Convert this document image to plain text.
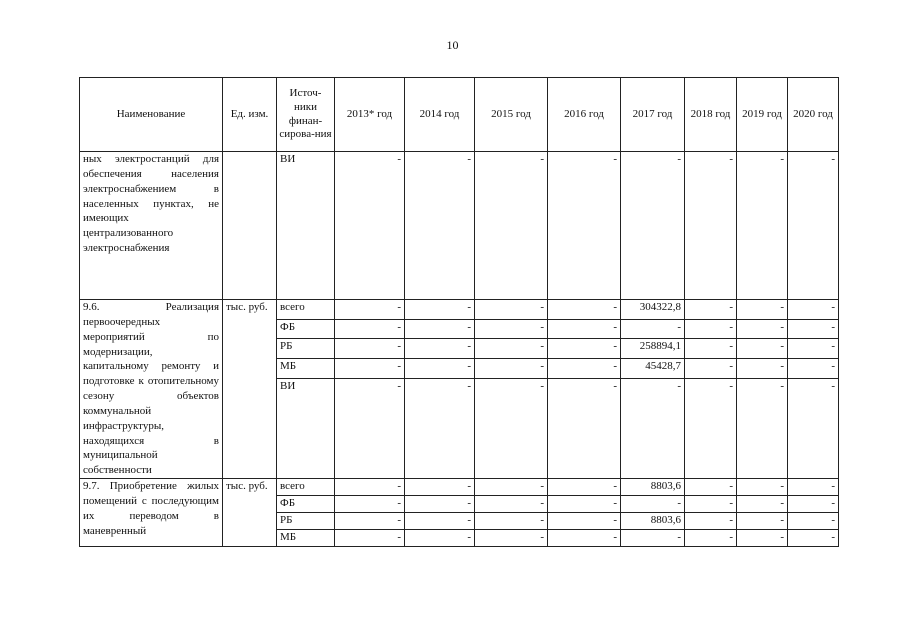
10
Наименование	Ед. изм.	Источ-ники финан-сирова-ния	2013* год	2014 год	2015 год	2016 год	2017 год	2018 год	2019 год	2020 год
ных электростанций для обеспечения населения электроснабжением в населенных пунктах, не имеющих централизованного электроснабжения		ВИ	-	-	-	-	-	-	-	-
9.6. Реализация первоочередных мероприятий по модернизации, капитальному ремонту и подготовке к отопительному сезону объектов коммунальной инфраструктуры, находящихся в муниципальной собственности	тыс. руб.	всего	-	-	-	-	304322,8	-	-	-
		ФБ	-	-	-	-	-	-	-	-
		РБ	-	-	-	-	258894,1	-	-	-
		МБ	-	-	-	-	45428,7	-	-	-
		ВИ	-	-	-	-	-	-	-	-
9.7. Приобретение жилых помещений с последующим их переводом в маневренный	тыс. руб.	всего	-	-	-	-	8803,6	-	-	-
		ФБ	-	-	-	-	-	-	-	-
		РБ	-	-	-	-	8803,6	-	-	-
		МБ	-	-	-	-	-	-	-	-
